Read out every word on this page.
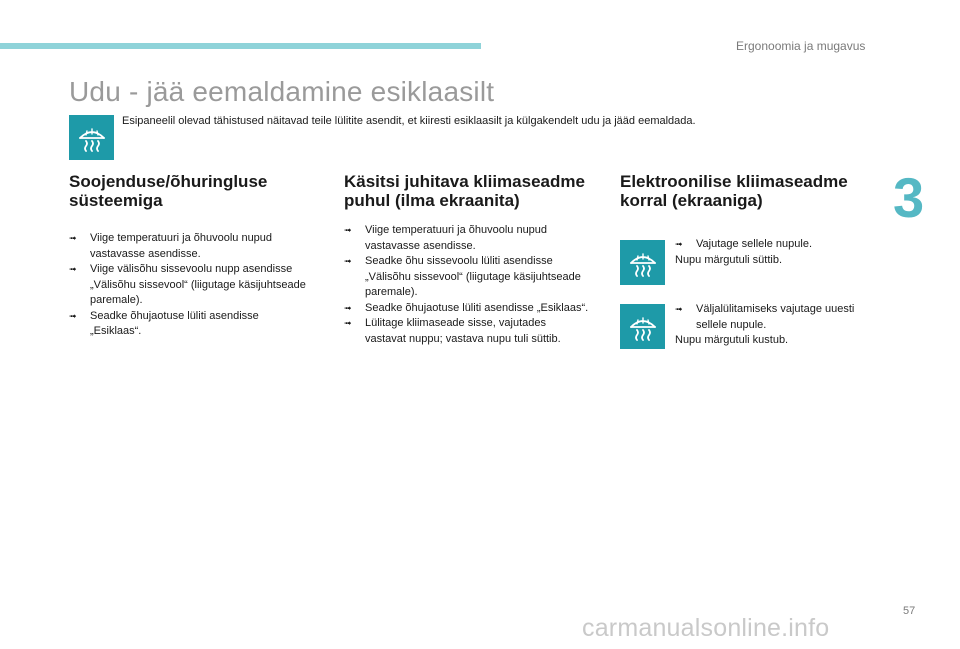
Ergonoomia ja mugavus
3
Udu - jää eemaldamine esiklaasilt
Esipaneelil olevad tähistused näitavad teile lülitite asendit, et kiiresti esiklaasilt ja külgakendelt udu ja jääd eemaldada.
Soojenduse/õhuringluse süsteemiga
➟ Viige temperatuuri ja õhuvoolu nupud vastavasse asendisse.
➟ Viige välisõhu sissevoolu nupp asendisse „Välisõhu sissevool“ (liigutage käsijuhtseade paremale).
➟ Seadke õhujaotuse lüliti asendisse „Esiklaas“.
Käsitsi juhitava kliimaseadme puhul (ilma ekraanita)
➟ Viige temperatuuri ja õhuvoolu nupud vastavasse asendisse.
➟ Seadke õhu sissevoolu lüliti asendisse „Välisõhu sissevool“ (liigutage käsijuhtseade paremale).
➟ Seadke õhujaotuse lüliti asendisse „Esiklaas“.
➟ Lülitage kliimaseade sisse, vajutades vastavat nuppu; vastava nupu tuli süttib.
Elektroonilise kliimaseadme korral (ekraaniga)
➟ Vajutage sellele nupule.
Nupu märgutuli süttib.
➟ Väljalülitamiseks vajutage uuesti sellele nupule.
Nupu märgutuli kustub.
57
carmanualsonline.info
